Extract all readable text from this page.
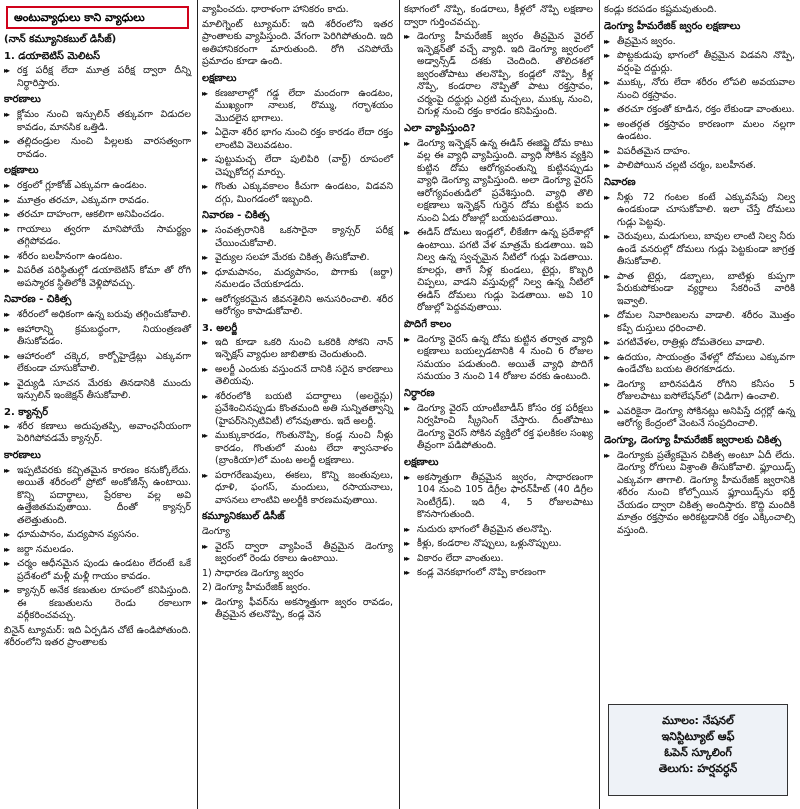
అంటువ్యాధులు కాని వ్యాధులు
(నాన్ కమ్యూనికబుల్ డిసీజ్)
1. డయాబెటిస్ మెలిటస్
▸▸ రక్త పరీక్ష లేదా మూత్ర పరీక్ష ద్వారా దీన్ని నిర్ధారిస్తారు.
కారణాలు
▸▸ క్లోమం నుంచి ఇన్సులిన్ తక్కువగా విడుదల కావడం, మానసిక ఒత్తిడి.
▸▸ తల్లిదండ్రుల నుంచి పిల్లలకు వారసత్వంగా రావడం.
లక్షణాలు
▸▸ రక్తంలో గ్లూకోజ్ ఎక్కువగా ఉండటం.
▸▸ మూత్రం తరచూ, ఎక్కువగా రావడం.
▸▸ తరచూ దాహంగా, ఆకలిగా అనిపించడం.
▸▸ గాయాలు త్వరగా మానిపోయే సామర్థ్యం తగ్గిపోవడం.
▸▸ శరీరం బలహీనంగా ఉండటం.
▸▸ విపరీత పరిస్థితుల్లో డయాబెటిస్ కోమా తో రోగి అపస్మారక స్థితిలోకి వెళ్లిపోవచ్చు.
నివారణ - చికిత్స
▸▸ శరీరంలో అధికంగా ఉన్న బరువు తగ్గించుకోవాలి.
▸▸ ఆహారాన్ని క్రమబద్ధంగా, నియంత్రణతో తీసుకోవడం.
▸▸ ఆహారంలో చక్కెర, కార్బోహైడ్రేట్లు ఎక్కువగా లేకుండా చూసుకోవాలి.
▸▸ వైద్యుడి సూచన మేరకు తినడానికి ముందు ఇన్సులిన్ ఇంజెక్షన్ తీసుకోవాలి.
2. క్యాన్సర్
▸▸ శరీర కణాలు అదుపుతప్పి, అవాంఛనీయంగా పెరిగిపోవడమే క్యాన్సర్.
కారణాలు
▸▸ ఇప్పటివరకు కచ్చితమైన కారణం కనుక్కోలేదు. అయితే శరీరంలో ప్రోటో అంకోజీన్స్ ఉంటాయి. కొన్ని పదార్థాలు, ప్రేరకాల వల్ల అవి ఉత్తేజితమవుతాయి. దీంతో క్యాన్సర్ తలెత్తుతుంది.
▸▸ ధూమపానం, మద్యపాన వ్యసనం.
▸▸ జర్దా నమలడం.
▸▸ చర్మం ఆధీనమైన పుండు ఉండటం లేదంటే ఒకే ప్రదేశంలో మళ్లీ మళ్లీ గాయం కావడం.
▸▸ క్యాన్సర్ అనేక కణుతుల రూపంలో కనిపిస్తుంది. ఈ కణుతులను రెండు రకాలుగా వర్గీకరించవచ్చు.
బినైన్ ట్యూమర్: ఇది ఏర్పడిన చోటే ఉండిపోతుంది. శరీరంలోని ఇతర ప్రాంతాలకు
వ్యాపించదు. ధారాళంగా హానికరం కాదు.
మాలిగ్నెంట్ ట్యూమర్: ఇది శరీరంలోని ఇతర ప్రాంతాలకు వ్యాపిస్తుంది. వేగంగా పెరిగిపోతుంది. ఇది అతిహానికరంగా మారుతుంది. రోగి చనిపోయే ప్రమాదం కూడా ఉంది.
లక్షణాలు
▸▸ కణజాలాల్లో గడ్డ లేదా మందంగా ఉండటం, ముఖ్యంగా నాలుక, రొమ్ము, గర్భాశయం మొదలైన భాగాలు.
▸▸ ఏదైనా శరీర భాగం నుంచి రక్తం కారడం లేదా రక్తం లాంటివి వెలువడటం.
▸▸ పుట్టుమచ్చ లేదా పులిపిరి (వార్ట్) రూపంలో చెప్పుకోదగ్గ మార్పు.
▸▸ గొంతు ఎక్కువకాలం కీచుగా ఉండటం, విడవని దగ్గు, మింగడంలో ఇబ్బంది.
నివారణ - చికిత్స
▸▸ సంవత్సరానికి ఒకసారైనా క్యాన్సర్ పరీక్ష చేయించుకోవాలి.
▸▸ వైద్యుల సలహా మేరకు చికిత్స తీసుకోవాలి.
▸▸ ధూమపానం, మద్యపానం, పొగాకు (జర్దా) నమలడం చేయకూడదు.
▸▸ ఆరోగ్యకరమైన జీవనశైలిని అనుసరించాలి. శరీర ఆరోగ్యం కాపాడుకోవాలి.
3. అలర్జీ
▸▸ ఇది కూడా ఒకరి నుంచి ఒకరికి సోకని నాన్ ఇన్ఫెక్షస్ వ్యాధుల జాబితాకు చెందుతుంది.
▸▸ అలర్జీ ఎందుకు వస్తుందనే దానికి సరైన కారణాలు తెలియవు.
▸▸ శరీరంలోకి బయటి పదార్థాలు (అలర్జెన్లు) ప్రవేశించినప్పుడు కొంతమంది అతి సున్నితత్వాన్ని (హైపర్‌సెన్సిటివిటీ) లోనవుతారు. ఇదే అలర్జీ.
▸▸ ముక్కుకారడం, గొంతునొప్పి, కండ్ల నుంచి నీళ్లు కారడం, గొంతులో మంట లేదా శ్వాసనాళం (బ్రాంకియా)లో మంట అలర్జీ లక్షణాలు.
▸▸ పరాగరేణువులు, ఈకలు, కొన్ని జంతువులు, ధూళి, ఫంగస్, మందులు, రసాయనాలు, వాసనలు లాంటివి అలర్జీకి కారణమవుతాయి.
కమ్యూనికబుల్ డిసీజ్
డెంగ్యూ
▸▸ వైరస్ ద్వారా వ్యాపించే తీవ్రమైన డెంగ్యూ జ్వరంలో రెండు రకాలు ఉంటాయి.
1) సాధారణ డెంగ్యూ జ్వరం
2) డెంగ్యూ హీమరేజిక్ జ్వరం.
▸▸ డెంగ్యూ ఫీవర్‌ను అకస్మాత్తుగా జ్వరం రావడం, తీవ్రమైన తలనొప్పి, కండ్ల వెన
కభాగంలో నొప్పి, కండరాలు, కీళ్లలో నొప్పి లక్షణాల ద్వారా గుర్తించవచ్చు.
▸▸ డెంగ్యూ హీమరేజిక్ జ్వరం తీవ్రమైన వైరల్ ఇన్ఫెక్షన్‌తో వచ్చే వ్యాధి. ఇది డెంగ్యూ జ్వరంలో అడ్వాన్స్‌డ్ దశకు చెందింది. తొలిదశలో జ్వరంతోపాటు తలనొప్పి, కండ్లలో నొప్పి, కీళ్ల నొప్పి, కండరాల నొప్పితో పాటు రక్తస్రావం, చర్మంపై దద్దుర్లు ఎర్రటి మచ్చలు, ముక్కు నుంచి, చిగుళ్ల నుంచి రక్తం కారడం కనిపిస్తుంది.
ఎలా వ్యాపిస్తుంది?
▸▸ డెంగ్యూ ఇన్ఫెక్షన్ ఉన్న ఈడిస్ ఈజిప్టై దోమ కాటు వల్ల ఈ వ్యాధి వ్యాపిస్తుంది. వ్యాధి సోకిన వ్యక్తిని కుట్టిన దోమ ఆరోగ్యవంతున్ని కుట్టినప్పుడు వ్యాధి డెంగ్యూ వ్యాపిస్తుంది. అలా డెంగ్యూ వైరస్ ఆరోగ్యవంతుడిలో ప్రవేశిస్తుంది. వ్యాధి తొలి లక్షణాలు ఇన్ఫెక్షన్ గుర్తైన దోమ కుట్టిన ఐదు నుంచి ఏడు రోజుల్లో బయటపడతాయి.
▸▸ ఈడిస్ దోమలు ఇండ్లలో, లీకేజీగా ఉన్న ప్రదేశాల్లో ఉంటాయి. పగటి వేళ మాత్రమే కుడతాయి. ఇవి నిల్వ ఉన్న స్వచ్ఛమైన నీటిలో గుడ్లు పెడతాయి. కూలర్లు, తాగే నీళ్ల కుండలు, టైర్లు, కొబ్బరి చిప్పలు, వాడని వస్తువుల్లో నిల్వ ఉన్న నీటిలో ఈడిస్ దోమలు గుడ్లు పెడతాయి. అవి 10 రోజుల్లో పెద్దవవుతాయి.
పొదిగే కాలం
▸▸ డెంగ్యూ వైరస్ ఉన్న దోమ కుట్టిన తర్వాత వ్యాధి లక్షణాలు బయల్పడటానికి 4 నుంచి 6 రోజుల సమయం పడుతుంది. అయితే వ్యాధి పొదిగే సమయం 3 నుంచి 14 రోజుల వరకు ఉంటుంది.
నిర్ధారణ
▸▸ డెంగ్యూ వైరస్ యాంటీబాడీస్ కోసం రక్త పరీక్షలు నిర్వహించి స్క్రీనింగ్ చేస్తారు. దీంతోపాటు డెంగ్యూ వైరస్ సోకిన వ్యక్తిలో రక్త ఫలకికల సంఖ్య తీవ్రంగా పడిపోతుంది.
లక్షణాలు
▸▸ అకస్మాత్తుగా తీవ్రమైన జ్వరం, సాధారణంగా 104 నుంచి 105 డిగ్రీల ఫారన్‌హీట్ (40 డిగ్రీల సెంటీగ్రేడ్). ఇది 4, 5 రోజులపాటు కొనసాగుతుంది.
▸▸ నుదురు భాగంలో తీవ్రమైన తలనొప్పి.
▸▸ కీళ్లు, కండరాల నొప్పులు, ఒళ్లునొప్పులు.
▸▸ వికారం లేదా వాంతులు.
▸▸ కండ్ల వెనకభాగంలో నొప్పి కారణంగా
కండ్లు కదపడం కష్టమవుతుంది.
డెంగ్యూ హీమరేజిక్ జ్వరం లక్షణాలు
▸▸ తీవ్రమైన జ్వరం.
▸▸ పొట్టకుడుపు భాగంలో తీవ్రమైన విడవని నొప్పి, వర్షంపై దద్దుర్లు.
▸▸ ముక్కు, నోరు లేదా శరీరం లోపలి అవయవాల నుంచి రక్తస్రావం.
▸▸ తరచూ రక్తంతో కూడిన, రక్తం లేకుండా వాంతులు.
▸▸ అంతర్గత రక్తస్రావం కారణంగా మలం నల్లగా ఉండటం.
▸▸ విపరీతమైన దాహం.
▸▸ పాలిపోయిన చల్లటి చర్మం, బలహీనత.
నివారణ
▸▸ నీళ్లు 72 గంటల కంటే ఎక్కువసేపు నిల్వ ఉండకుండా చూసుకోవాలి. ఇలా చేస్తే దోమలు గుడ్లు పెట్టవు.
▸▸ చెరువులు, మడుగులు, బావుల లాంటి నిల్వ నీరు ఉండే వనరుల్లో దోమలు గుడ్లు పెట్టకుండా జాగ్రత్త తీసుకోవాలి.
▸▸ పాత టైర్లు, డబ్బాలు, బాటిళ్లు కుప్పగా పేరుకుపోకుండా వ్యర్థాలు సేకరించే వారికి ఇవ్వాలి.
▸▸ దోమల నివారిణులను వాడాలి. శరీరం మొత్తం కప్పే దుస్తులు ధరించాలి.
▸▸ పగటివేళల, రాత్రిళ్లు దోమతెరలు వాడాలి.
▸▸ ఉదయం, సాయంత్రం వేళల్లో దోమలు ఎక్కువగా ఉండేచోట బయట తిరగకూడదు.
▸▸ డెంగ్యూ బారినపడిన రోగిని కనీసం 5 రోజులపాటు ఐసోలేషన్‌లో (విడిగా) ఉంచాలి.
▸▸ ఎవరికైనా డెంగ్యూ సోకినట్లు అనిపిస్తే దగ్గర్లో ఉన్న ఆరోగ్య కేంద్రంలో వెంటనే సంప్రదించాలి.
డెంగ్యూ, డెంగ్యూ హీమరేజిక్ జ్వరాలకు చికిత్స
▸▸ డెంగ్యూకు ప్రత్యేకమైన చికిత్స అంటూ ఏదీ లేదు. డెంగ్యూ రోగులు విశ్రాంతి తీసుకోవాలి. ఫ్లూయిడ్స్ ఎక్కువగా తాగాలి. డెంగ్యూ హీమరేజిక్ జ్వరానికి శరీరం నుంచి కోల్పోయిన ఫ్లూయిడ్స్‌ను భర్తీ చేయడం ద్వారా చికిత్స అందిస్తారు. కొద్ది మందికి మాత్రం రక్తస్రావం అరికట్టడానికి రక్తం ఎక్కించాల్సి వస్తుంది.
మూలం: నేషనల్
ఇనిస్టిట్యూట్ ఆఫ్
ఓపెన్ స్కూలింగ్
తెలుగు: హర్షవర్ధన్
